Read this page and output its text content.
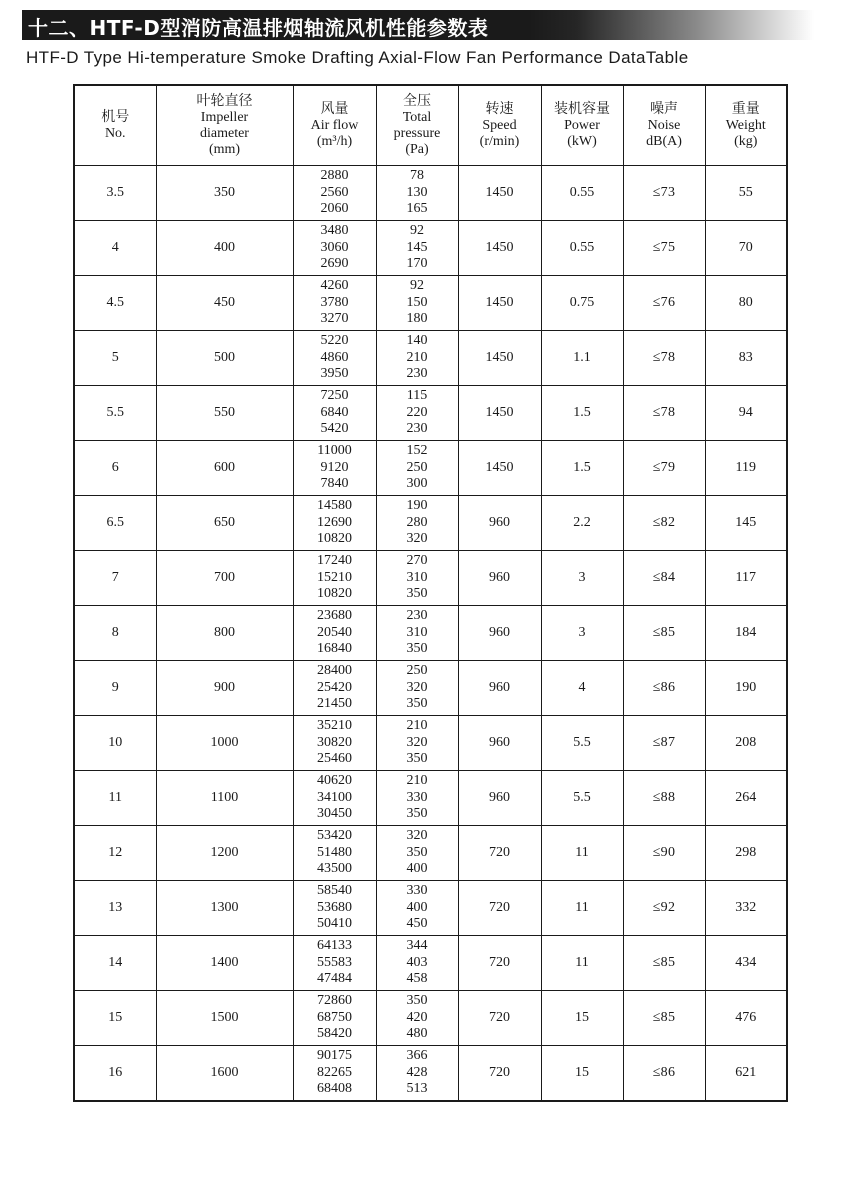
十二、HTF-D型消防高温排烟轴流风机性能参数表
HTF-D Type Hi-temperature Smoke Drafting Axial-Flow Fan Performance DataTable
机号
No.	叶轮直径
Impeller
diameter
(mm)	风量
Air flow
(m³/h)	全压
Total
pressure
(Pa)	转速
Speed
(r/min)	装机容量
Power
(kW)	噪声
Noise
dB(A)	重量
Weight
(kg)

3.5	350	2880
2560
2060	78
130
165	1450	0.55	≤73	55
4	400	3480
3060
2690	92
145
170	1450	0.55	≤75	70
4.5	450	4260
3780
3270	92
150
180	1450	0.75	≤76	80
5	500	5220
4860
3950	140
210
230	1450	1.1	≤78	83
5.5	550	7250
6840
5420	115
220
230	1450	1.5	≤78	94
6	600	11000
9120
7840	152
250
300	1450	1.5	≤79	119
6.5	650	14580
12690
10820	190
280
320	960	2.2	≤82	145
7	700	17240
15210
10820	270
310
350	960	3	≤84	117
8	800	23680
20540
16840	230
310
350	960	3	≤85	184
9	900	28400
25420
21450	250
320
350	960	4	≤86	190
10	1000	35210
30820
25460	210
320
350	960	5.5	≤87	208
11	1100	40620
34100
30450	210
330
350	960	5.5	≤88	264
12	1200	53420
51480
43500	320
350
400	720	11	≤90	298
13	1300	58540
53680
50410	330
400
450	720	11	≤92	332
14	1400	64133
55583
47484	344
403
458	720	11	≤85	434
15	1500	72860
68750
58420	350
420
480	720	15	≤85	476
16	1600	90175
82265
68408	366
428
513	720	15	≤86	621
